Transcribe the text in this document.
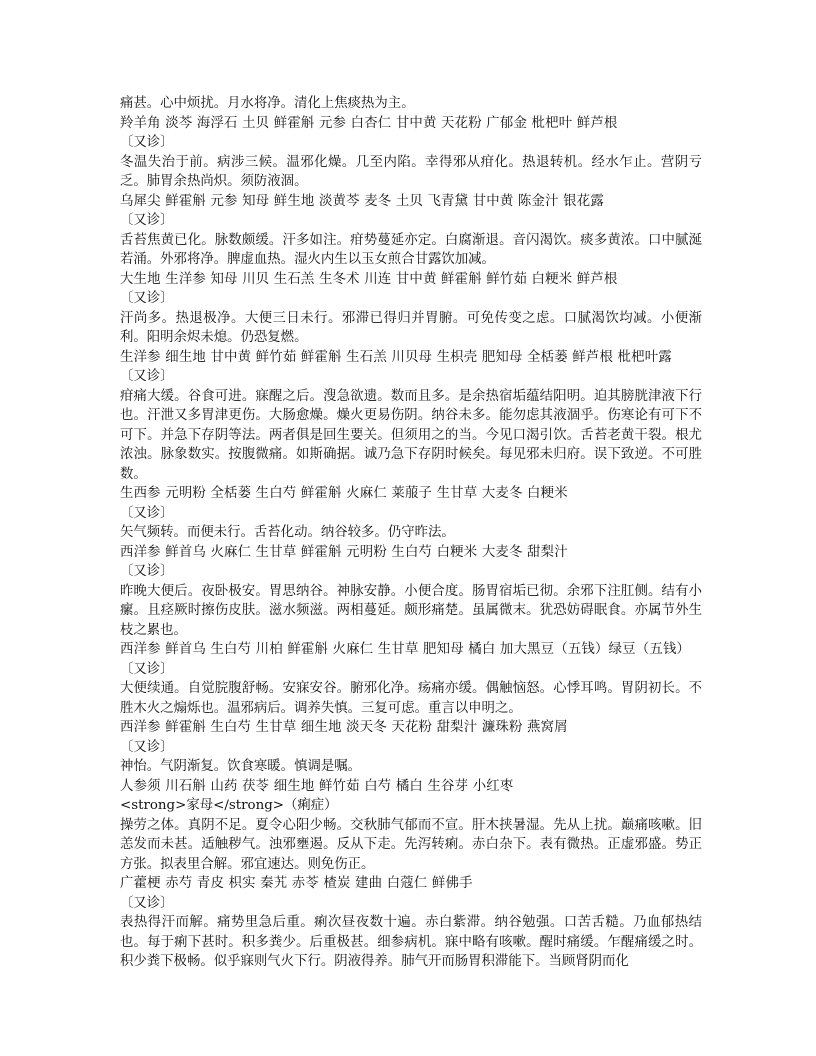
痛甚。心中烦扰。月水将净。清化上焦痰热为主。

羚羊角 淡芩 海浮石 土贝 鲜霍斛 元参 白杏仁 甘中黄 天花粉 广郁金 枇杷叶 鲜芦根

〔又诊〕

冬温失治于前。病涉三候。温邪化燥。几至内陷。幸得邪从疳化。热退转机。经水乍止。营阴亏乏。肺胃余热尚炽。须防液涸。

乌犀尖 鲜霍斛 元参 知母 鲜生地 淡黄芩 麦冬 土贝 飞青黛 甘中黄 陈金汁 银花露

〔又诊〕

舌苔焦黄已化。脉数颇缓。汗多如注。疳势蔓延亦定。白腐渐退。音闪渴饮。痰多黄浓。口中腻涎若涌。外邪将净。脾虚血热。湿火内生以玉女煎合甘露饮加减。

大生地 生洋参 知母 川贝 生石羔 生冬术 川连 甘中黄 鲜霍斛 鲜竹茹 白粳米 鲜芦根

〔又诊〕

汗尚多。热退极净。大便三日未行。邪滞已得归并胃腑。可免传变之虑。口腻渴饮均减。小便渐利。阳明余烬未熄。仍恐复燃。

生洋参 细生地 甘中黄 鲜竹茹 鲜霍斛 生石羔 川贝母 生枳壳 肥知母 全栝蒌 鲜芦根 枇杷叶露

〔又诊〕

疳痛大缓。谷食可进。寐醒之后。溲急欲遗。数而且多。是余热宿垢蕴结阳明。迫其膀胱津液下行也。汗泄又多胃津更伤。大肠愈燥。燥火更易伤阴。纳谷未多。能勿虑其液涸乎。伤寒论有可下不可下。并急下存阴等法。两者俱是回生要关。但须用之的当。今见口渴引饮。舌苔老黄干裂。根尤浓浊。脉象数实。按腹微痛。如斯确据。诚乃急下存阴时候矣。每见邪未归府。误下致逆。不可胜数。

生西参 元明粉 全栝蒌 生白芍 鲜霍斛 火麻仁 莱菔子 生甘草 大麦冬 白粳米

〔又诊〕

矢气频转。而便未行。舌苔化动。纳谷较多。仍守昨法。

西洋参 鲜首乌 火麻仁 生甘草 鲜霍斛 元明粉 生白芍 白粳米 大麦冬 甜梨汁

〔又诊〕

昨晚大便后。夜卧极安。胃思纳谷。神脉安静。小便合度。肠胃宿垢已彻。余邪下注肛侧。结有小瘰。且痉厥时擦伤皮肤。滋水频滋。两相蔓延。颇形痛楚。虽属微末。犹恐妨碍眠食。亦属节外生枝之累也。

西洋参 鲜首乌 生白芍 川柏 鲜霍斛 火麻仁 生甘草 肥知母 橘白 加大黑豆（五钱）绿豆（五钱）

〔又诊〕

大便续通。自觉脘腹舒畅。安寐安谷。腑邪化净。疡痛亦缓。偶触恼怒。心悸耳鸣。胃阴初长。不胜木火之煽烁也。温邪病后。调养失慎。三复可虑。重言以申明之。

西洋参 鲜霍斛 生白芍 生甘草 细生地 淡天冬 天花粉 甜梨汁 濂珠粉 燕窝屑

〔又诊〕

神怡。气阴渐复。饮食寒暖。慎调是嘱。

人参须 川石斛 山药 茯苓 细生地 鲜竹茹 白芍 橘白 生谷芽 小红枣

<strong>家母</strong>（痢症）

操劳之体。真阴不足。夏令心阳少畅。交秋肺气郁而不宣。肝木挟暑湿。先从上扰。巅痛咳嗽。旧恙发而未甚。适触秽气。浊邪壅遏。反从下走。先泻转痢。赤白杂下。表有微热。正虚邪盛。势正方张。拟表里合解。邪宜速达。则免伤正。

广藿梗 赤芍 青皮 枳实 秦艽 赤苓 楂炭 建曲 白蔻仁 鲜佛手

〔又诊〕

表热得汗而解。痛势里急后重。痢次昼夜数十遍。赤白紫滞。纳谷勉强。口苦舌糙。乃血郁热结也。每于痢下甚时。积多粪少。后重极甚。细参病机。寐中略有咳嗽。醒时痛缓。乍醒痛缓之时。积少粪下极畅。似乎寐则气火下行。阴液得养。肺气开而肠胃积滞能下。当顾肾阴而化
